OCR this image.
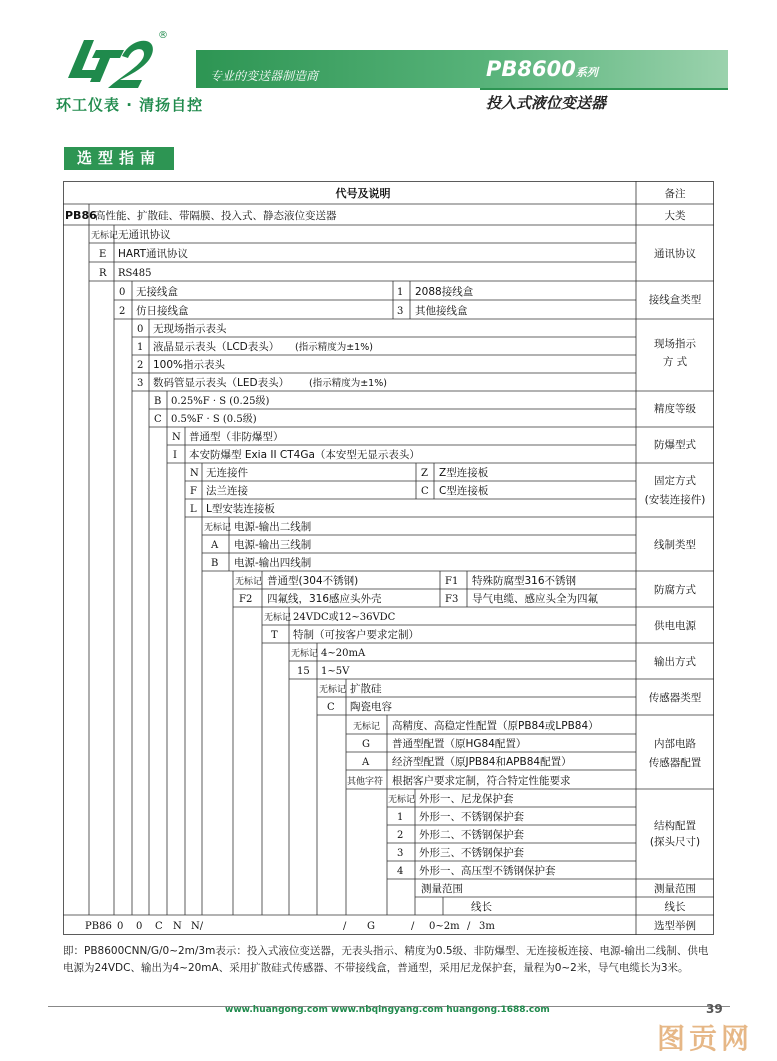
®
环工仪表 · 清扬自控
专业的变送器制造商	PB8600系列
投入式液位变送器
选型指南
代号及说明	备注
PB86
高性能、扩散硅、带隔膜、投入式、静态液位变送器	大类
无标记 无通讯协议
E HART通讯协议
R RS485
通讯协议
0 无接线盒	1 2088接线盒
2 仿日接线盒	3 其他接线盒
接线盒类型
0 无现场指示表头
1 液晶显示表头（LCD表头） (指示精度为±1%)
2 100%指示表头
3 数码管显示表头（LED表头） (指示精度为±1%)
现场指示
方 式
B 0.25%F · S (0.25级)
C 0.5%F · S (0.5级)
精度等级
N 普通型（非防爆型）
I 本安防爆型 Exia II CT4Ga（本安型无显示表头）
防爆型式
N 无连接件	Z Z型连接板
F 法兰连接	C C型连接板
L L型安装连接板
固定方式
(安装连接件)
无标记 电源-输出二线制
A 电源-输出三线制
B 电源-输出四线制
线制类型
无标记 普通型(304不锈钢)	F1 特殊防腐型316不锈钢
F2 四氟线，316感应头外壳	F3 导气电缆、感应头全为四氟
防腐方式
无标记 24VDC或12~36VDC
T 特制（可按客户要求定制）
供电电源
无标记 4~20mA
15 1~5V
输出方式
无标记 扩散硅
C 陶瓷电容
传感器类型
无标记 高精度、高稳定性配置（原PB84或LPB84）
G 普通型配置（原HG84配置）
A 经济型配置（原JPB84和APB84配置）
其他字符 根据客户要求定制，符合特定性能要求
内部电路
传感器配置
无标记 外形一、尼龙保护套
1 外形一、不锈钢保护套
2 外形二、不锈钢保护套
3 外形三、不锈钢保护套
4 外形一、高压型不锈钢保护套
结构配置
(探头尺寸)
测量范围	测量范围
线长	线长
PB86 0 0 C N N/	/ G	/ 0~2m / 3m	选型举例
即：PB8600CNN/G/0~2m/3m表示：投入式液位变送器，无表头指示、精度为0.5级、非防爆型、无连接板连接、电源-输出二线制、供电电源为24VDC、输出为4~20mA、采用扩散硅式传感器、不带接线盒，普通型，采用尼龙保护套，量程为0~2米，导气电缆长为3米。
www.huangong.com www.nbqingyang.com huangong.1688.com	39
图贡网
